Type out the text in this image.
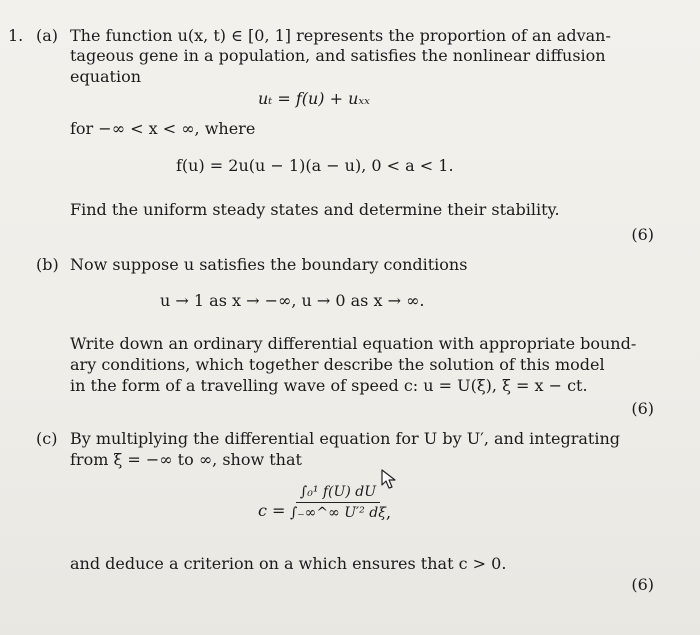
1. (a) The function u(x, t) ∈ [0, 1] represents the proportion of an advan-
tageous gene in a population, and satisfies the nonlinear diffusion
equation
uₜ = f(u) + uₓₓ
for −∞ < x < ∞, where
f(u) = 2u(u − 1)(a − u), 0 < a < 1.
Find the uniform steady states and determine their stability.
(6)
(b) Now suppose u satisfies the boundary conditions
u → 1 as x → −∞, u → 0 as x → ∞.
Write down an ordinary differential equation with appropriate bound-
ary conditions, which together describe the solution of this model
in the form of a travelling wave of speed c: u = U(ξ), ξ = x − ct.
(6)
(c) By multiplying the differential equation for U by U′, and integrating
from ξ = −∞ to ∞, show that
$c = \frac{\text{∫₀¹ f(U) dU}}{\text{∫₋∞\textasciicircum{}∞ U′² dξ}}$ ,
and deduce a criterion on a which ensures that c > 0.
(6)
